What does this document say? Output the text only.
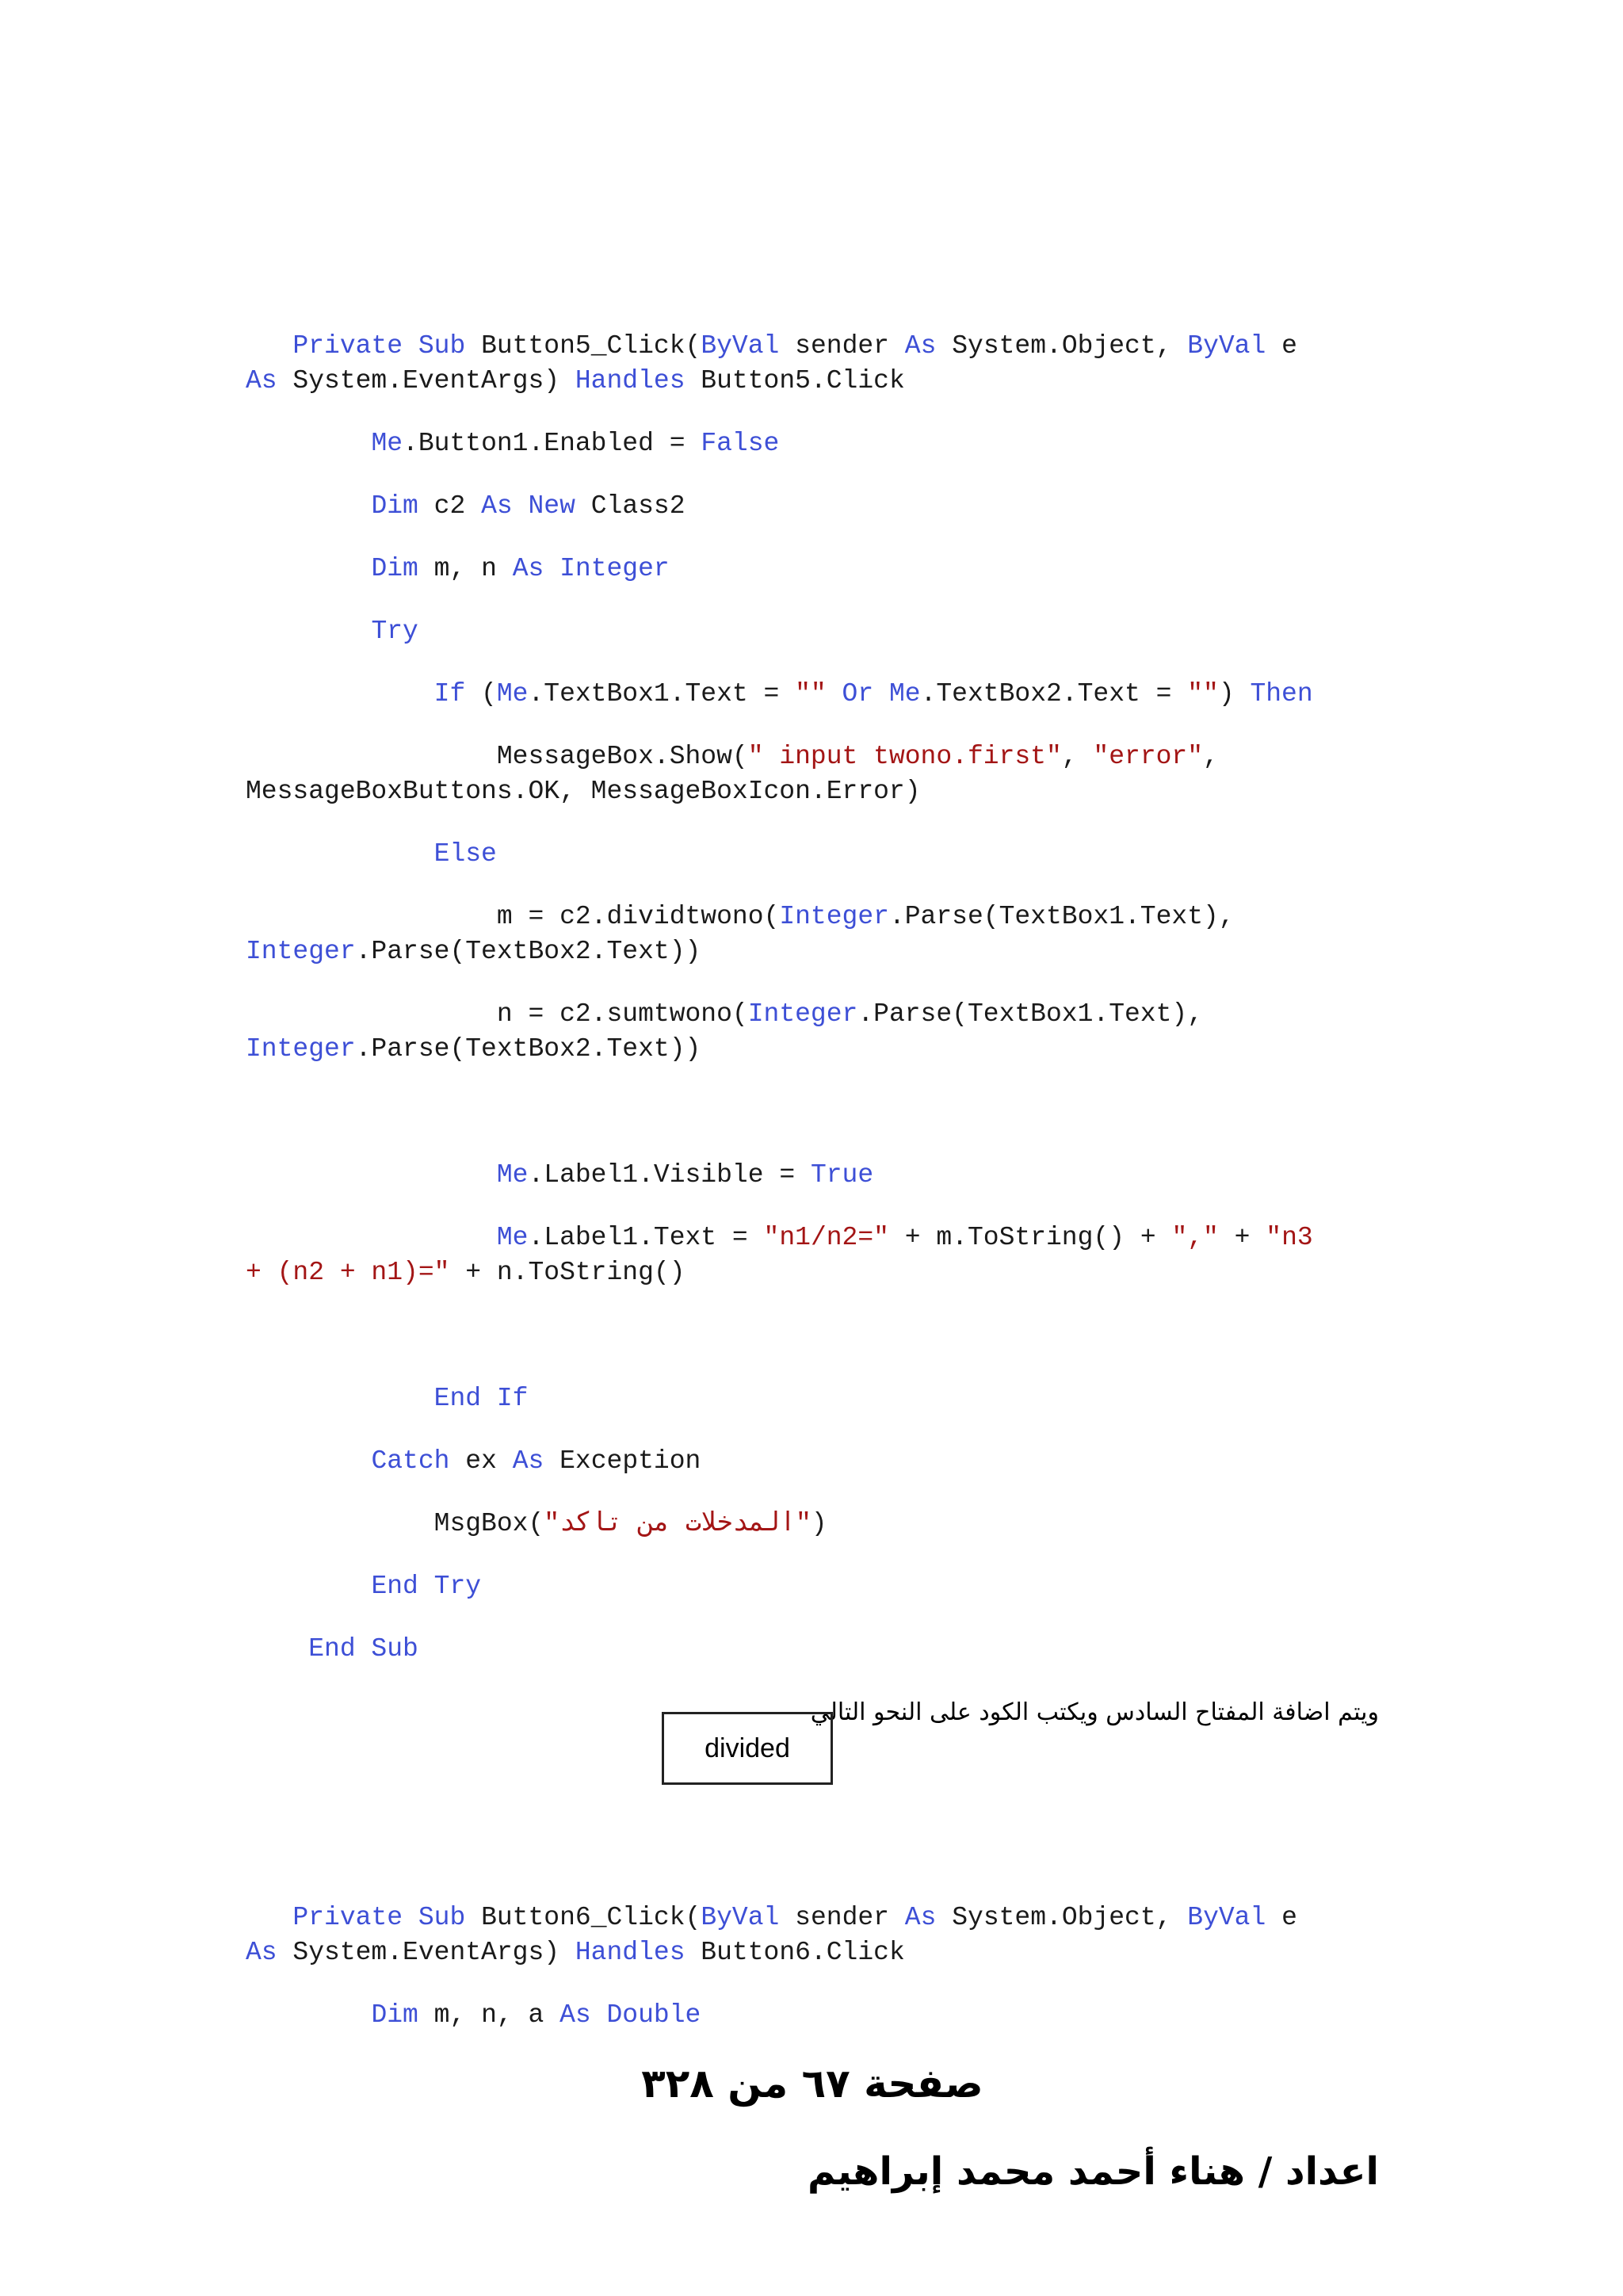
Private Sub Button5_Click(ByVal sender As System.Object, ByVal e
As System.EventArgs) Handles Button5.Click
Me.Button1.Enabled = False
Dim c2 As New Class2
Dim m, n As Integer
Try
If (Me.TextBox1.Text = "" Or Me.TextBox2.Text = "") Then
MessageBox.Show(" input twono.first", "error",
MessageBoxButtons.OK, MessageBoxIcon.Error)
Else
m = c2.dividtwono(Integer.Parse(TextBox1.Text),
Integer.Parse(TextBox2.Text))
n = c2.sumtwono(Integer.Parse(TextBox1.Text),
Integer.Parse(TextBox2.Text))
Me.Label1.Visible = True
Me.Label1.Text = "n1/n2=" + m.ToString() + "," + "n3
+ (n2 + n1)=" + n.ToString()
End If
Catch ex As Exception
MsgBox("المدخلات من تاكد")
End Try
End Sub
ويتم اضافة المفتاح السادس ويكتب الكود على النحو التالي
divided
Private Sub Button6_Click(ByVal sender As System.Object, ByVal e
As System.EventArgs) Handles Button6.Click
Dim m, n, a As Double
صفحة ٦٧ من ٣٢٨
اعداد / هناء أحمد محمد إبراهيم
